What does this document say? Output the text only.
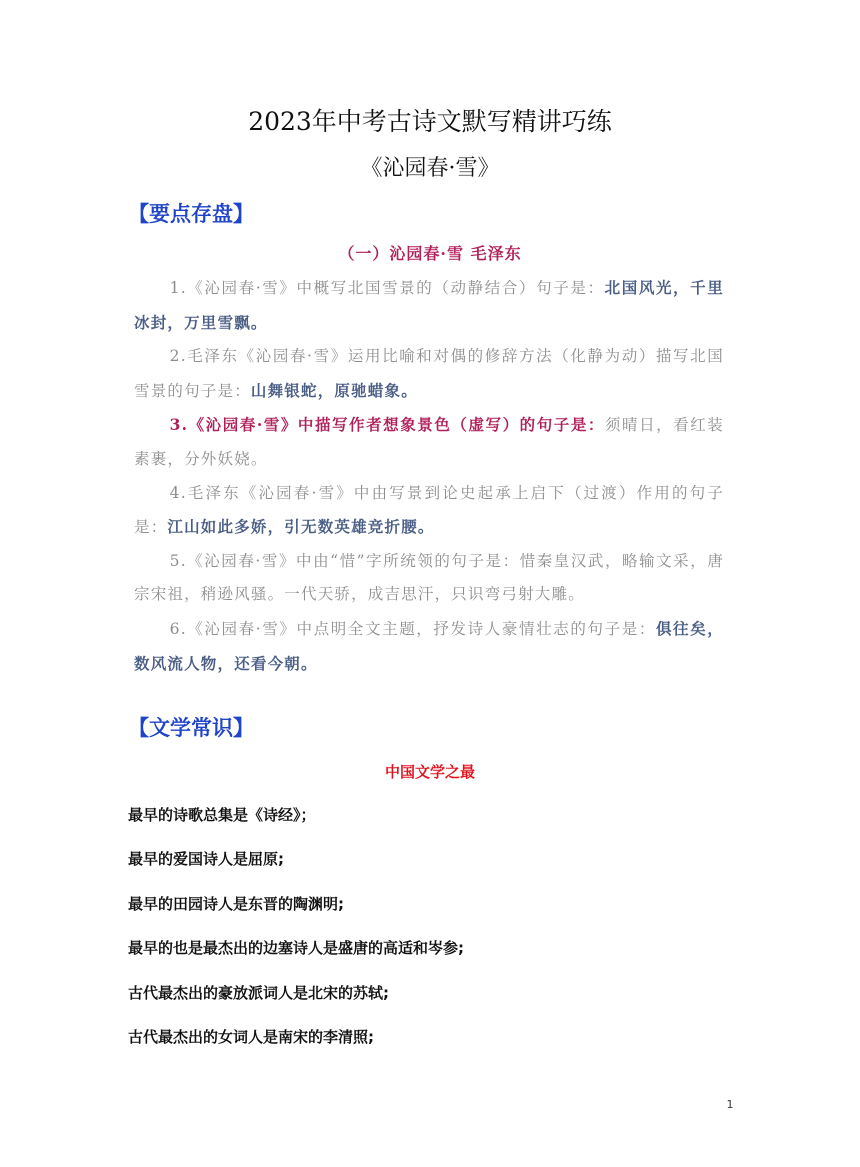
2023年中考古诗文默写精讲巧练
《沁园春·雪》
【要点存盘】
（一）沁园春·雪 毛泽东

1.《沁园春·雪》中概写北国雪景的（动静结合）句子是：北国风光，千里冰封，万里雪飘。

2.毛泽东《沁园春·雪》运用比喻和对偶的修辞方法（化静为动）描写北国雪景的句子是：山舞银蛇，原驰蜡象。

3.《沁园春·雪》中描写作者想象景色（虚写）的句子是：须晴日，看红装素裹，分外妖娆。

4.毛泽东《沁园春·雪》中由写景到论史起承上启下（过渡）作用的句子是：江山如此多娇，引无数英雄竞折腰。

5.《沁园春·雪》中由“惜”字所统领的句子是：惜秦皇汉武，略输文采，唐宗宋祖，稍逊风骚。一代天骄，成吉思汗，只识弯弓射大雕。

6.《沁园春·雪》中点明全文主题，抒发诗人豪情壮志的句子是：俱往矣，数风流人物，还看今朝。

【文学常识】
中国文学之最
最早的诗歌总集是《诗经》；
最早的爱国诗人是屈原;
最早的田园诗人是东晋的陶渊明;
最早的也是最杰出的边塞诗人是盛唐的高适和岑参;
古代最杰出的豪放派词人是北宋的苏轼;
古代最杰出的女词人是南宋的李清照;
1
